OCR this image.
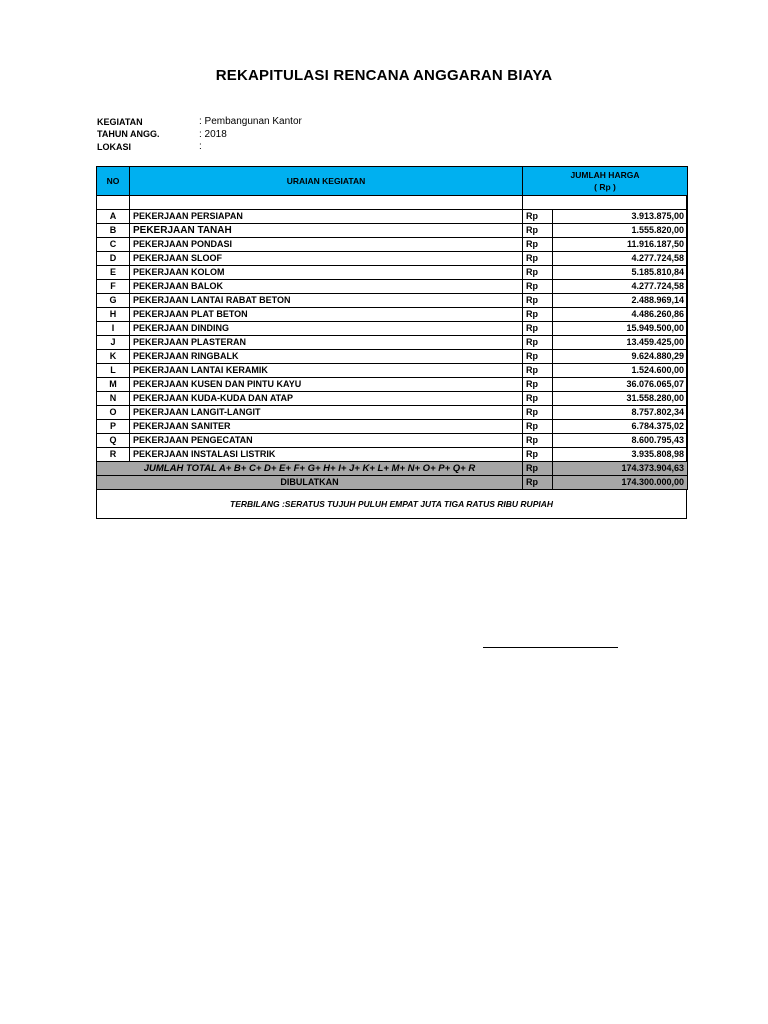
REKAPITULASI RENCANA ANGGARAN BIAYA
KEGIATAN	: Pembangunan Kantor
TAHUN ANGG.	: 2018
LOKASI	:
NO	URAIAN KEGIATAN	JUMLAH HARGA
( Rp )	

A	PEKERJAAN PERSIAPAN	Rp	3.913.875,00
B	PEKERJAAN TANAH	Rp	1.555.820,00
C	PEKERJAAN PONDASI	Rp	11.916.187,50
D	PEKERJAAN SLOOF	Rp	4.277.724,58
E	PEKERJAAN KOLOM	Rp	5.185.810,84
F	PEKERJAAN BALOK	Rp	4.277.724,58
G	PEKERJAAN LANTAI RABAT BETON	Rp	2.488.969,14
H	PEKERJAAN PLAT BETON	Rp	4.486.260,86
I	PEKERJAAN DINDING	Rp	15.949.500,00
J	PEKERJAAN PLASTERAN	Rp	13.459.425,00
K	PEKERJAAN RINGBALK	Rp	9.624.880,29
L	PEKERJAAN LANTAI KERAMIK	Rp	1.524.600,00
M	PEKERJAAN KUSEN DAN PINTU KAYU	Rp	36.076.065,07
N	PEKERJAAN KUDA-KUDA DAN ATAP	Rp	31.558.280,00
O	PEKERJAAN LANGIT-LANGIT	Rp	8.757.802,34
P	PEKERJAAN SANITER	Rp	6.784.375,02
Q	PEKERJAAN PENGECATAN	Rp	8.600.795,43
R	PEKERJAAN INSTALASI LISTRIK	Rp	3.935.808,98
JUMLAH TOTAL A+ B+ C+ D+ E+ F+ G+ H+ I+ J+ K+ L+ M+ N+ O+ P+ Q+ R		Rp	174.373.904,63
DIBULATKAN		Rp	174.300.000,00
TERBILANG :SERATUS TUJUH PULUH EMPAT JUTA TIGA RATUS RIBU RUPIAH
